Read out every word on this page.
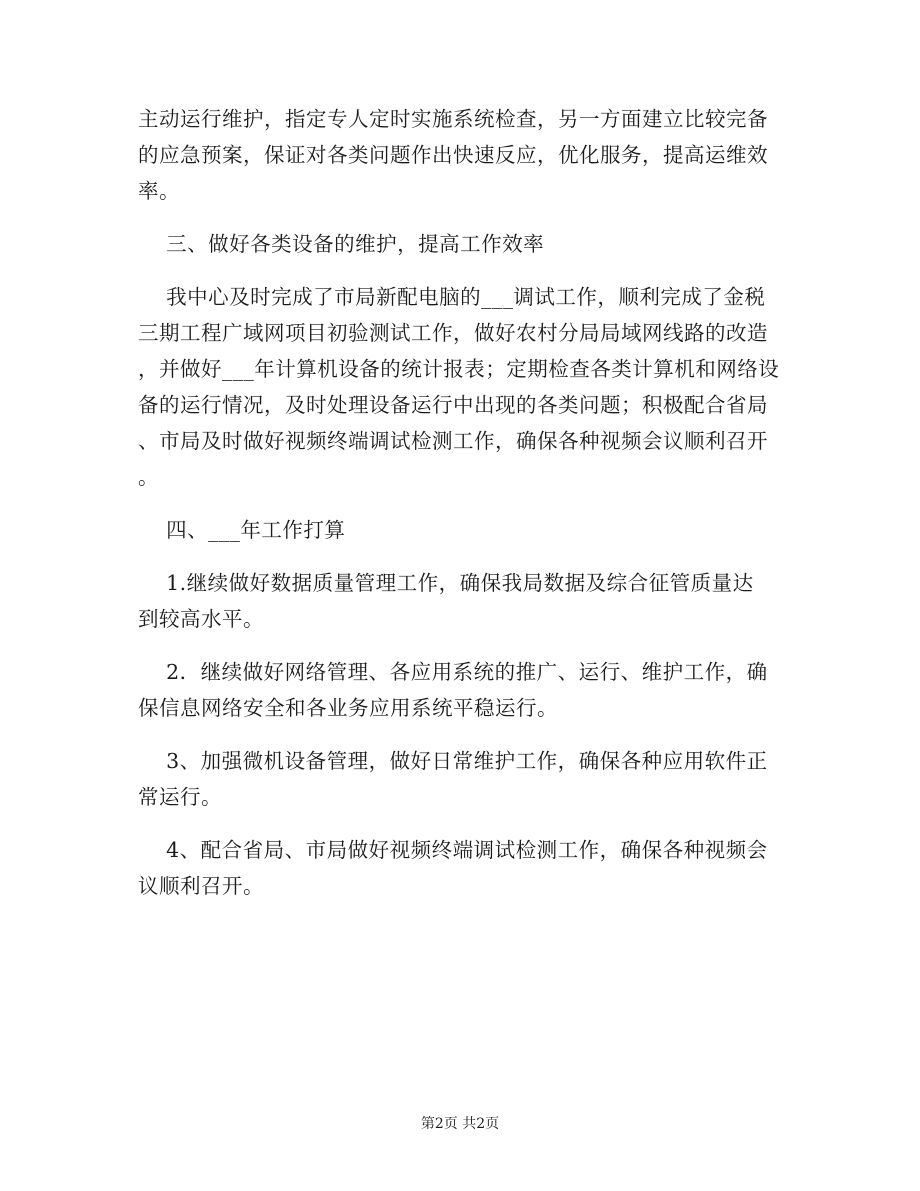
主动运行维护，指定专人定时实施系统检查，另一方面建立比较完备
的应急预案，保证对各类问题作出快速反应，优化服务，提高运维效
率。
三、做好各类设备的维护，提高工作效率
我中心及时完成了市局新配电脑的___调试工作，顺利完成了金税
三期工程广域网项目初验测试工作，做好农村分局局域网线路的改造
，并做好___年计算机设备的统计报表；定期检查各类计算机和网络设
备的运行情况，及时处理设备运行中出现的各类问题；积极配合省局
、市局及时做好视频终端调试检测工作，确保各种视频会议顺利召开
。
四、___年工作打算
1.继续做好数据质量管理工作，确保我局数据及综合征管质量达
到较高水平。
2．继续做好网络管理、各应用系统的推广、运行、维护工作，确
保信息网络安全和各业务应用系统平稳运行。
3、加强微机设备管理，做好日常维护工作，确保各种应用软件正
常运行。
4、配合省局、市局做好视频终端调试检测工作，确保各种视频会
议顺利召开。
第2页 共2页
